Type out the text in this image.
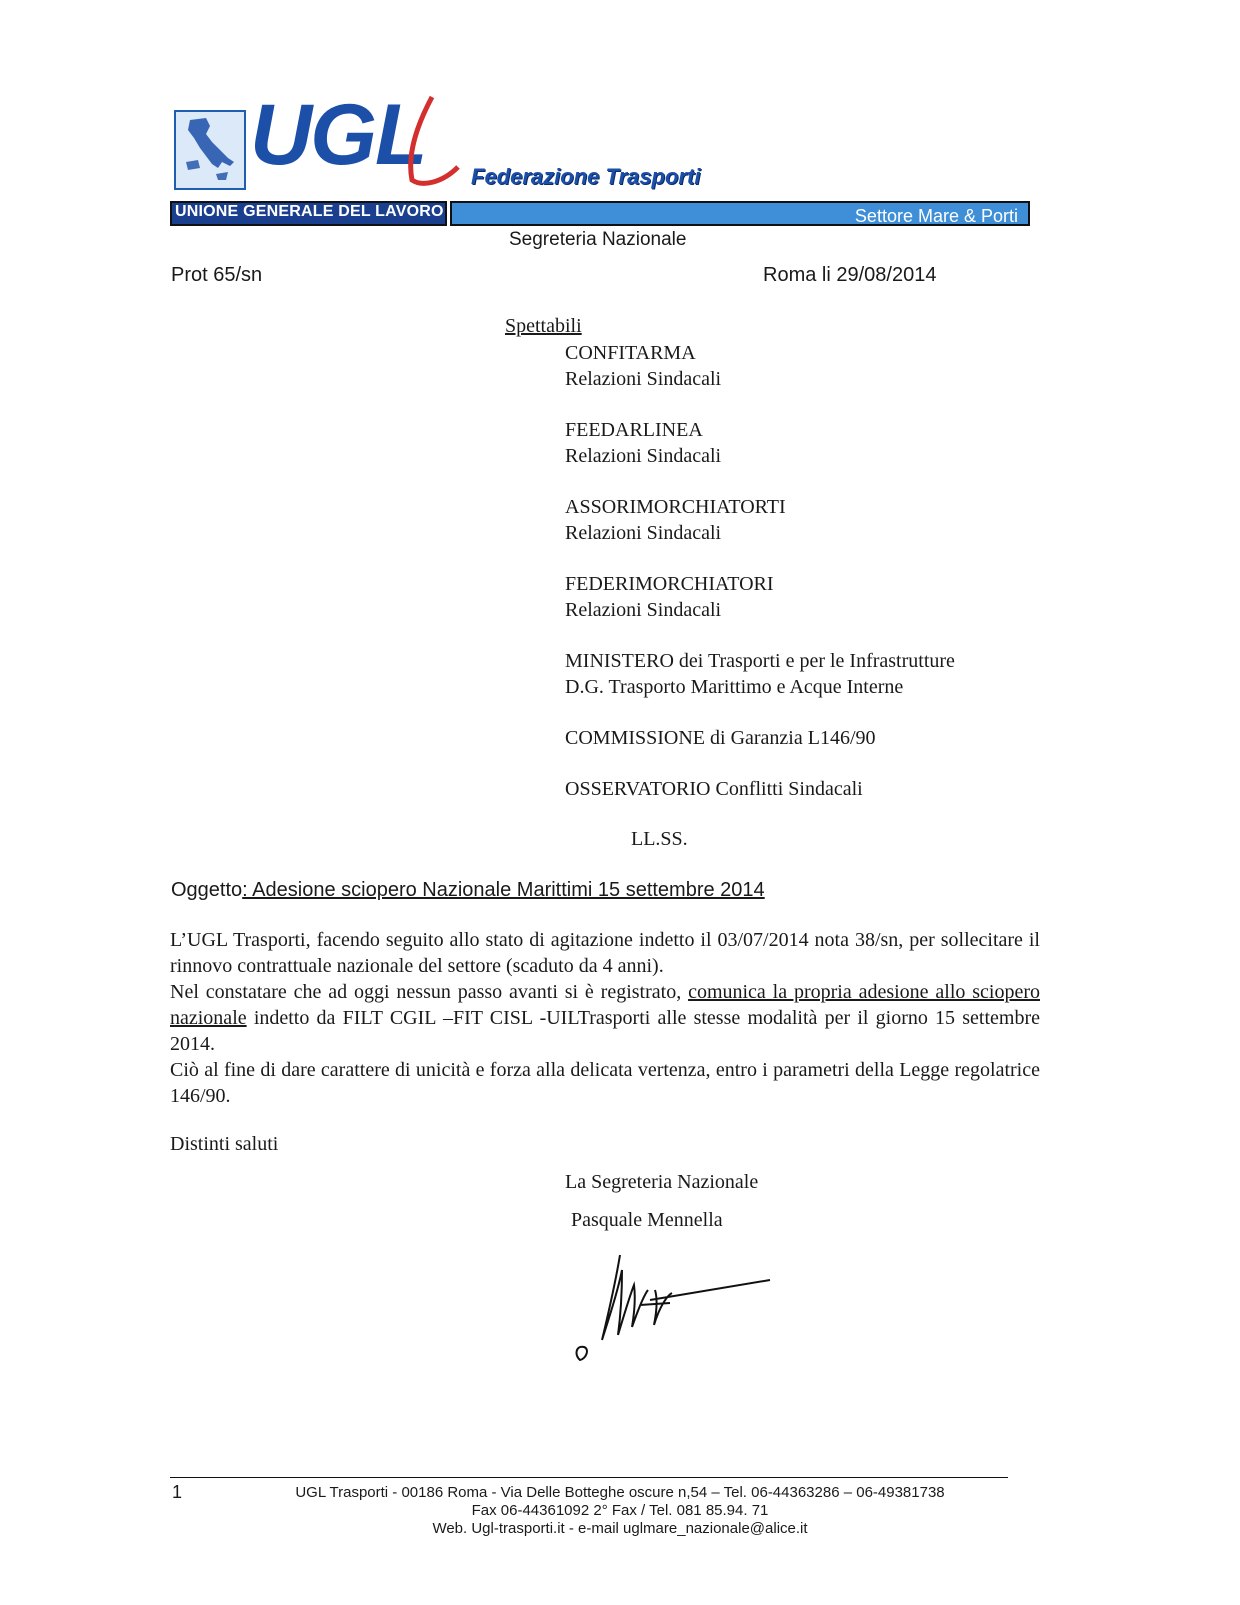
UGL Federazione Trasporti
UNIONE GENERALE DEL LAVORO	Settore Mare & Porti
Segreteria Nazionale
Prot 65/sn	Roma li 29/08/2014
Spettabili
CONFITARMA
Relazioni Sindacali
FEEDARLINEA
Relazioni Sindacali
ASSORIMORCHIATORTI
Relazioni Sindacali
FEDERIMORCHIATORI
Relazioni Sindacali
MINISTERO dei Trasporti e per le Infrastrutture
D.G. Trasporto Marittimo e Acque Interne
COMMISSIONE di Garanzia L146/90
OSSERVATORIO Conflitti Sindacali
LL.SS.
Oggetto: Adesione sciopero Nazionale Marittimi 15 settembre 2014

L’UGL Trasporti, facendo seguito allo stato di agitazione indetto il 03/07/2014 nota 38/sn, per sollecitare il rinnovo contrattuale nazionale del settore (scaduto da 4 anni).

Nel constatare che ad oggi nessun passo avanti si è registrato, comunica la propria adesione allo sciopero nazionale indetto da FILT CGIL –FIT CISL -UILTrasporti alle stesse modalità per il giorno 15 settembre 2014.

Ciò al fine di dare carattere di unicità e forza alla delicata vertenza, entro i parametri della Legge regolatrice 146/90.

Distinti saluti
La Segreteria Nazionale
Pasquale Mennella
1	UGL Trasporti - 00186 Roma - Via Delle Botteghe oscure n,54 – Tel. 06-44363286 – 06-49381738
Fax 06-44361092 2° Fax / Tel. 081 85.94. 71
Web. Ugl-trasporti.it - e-mail uglmare_nazionale@alice.it
